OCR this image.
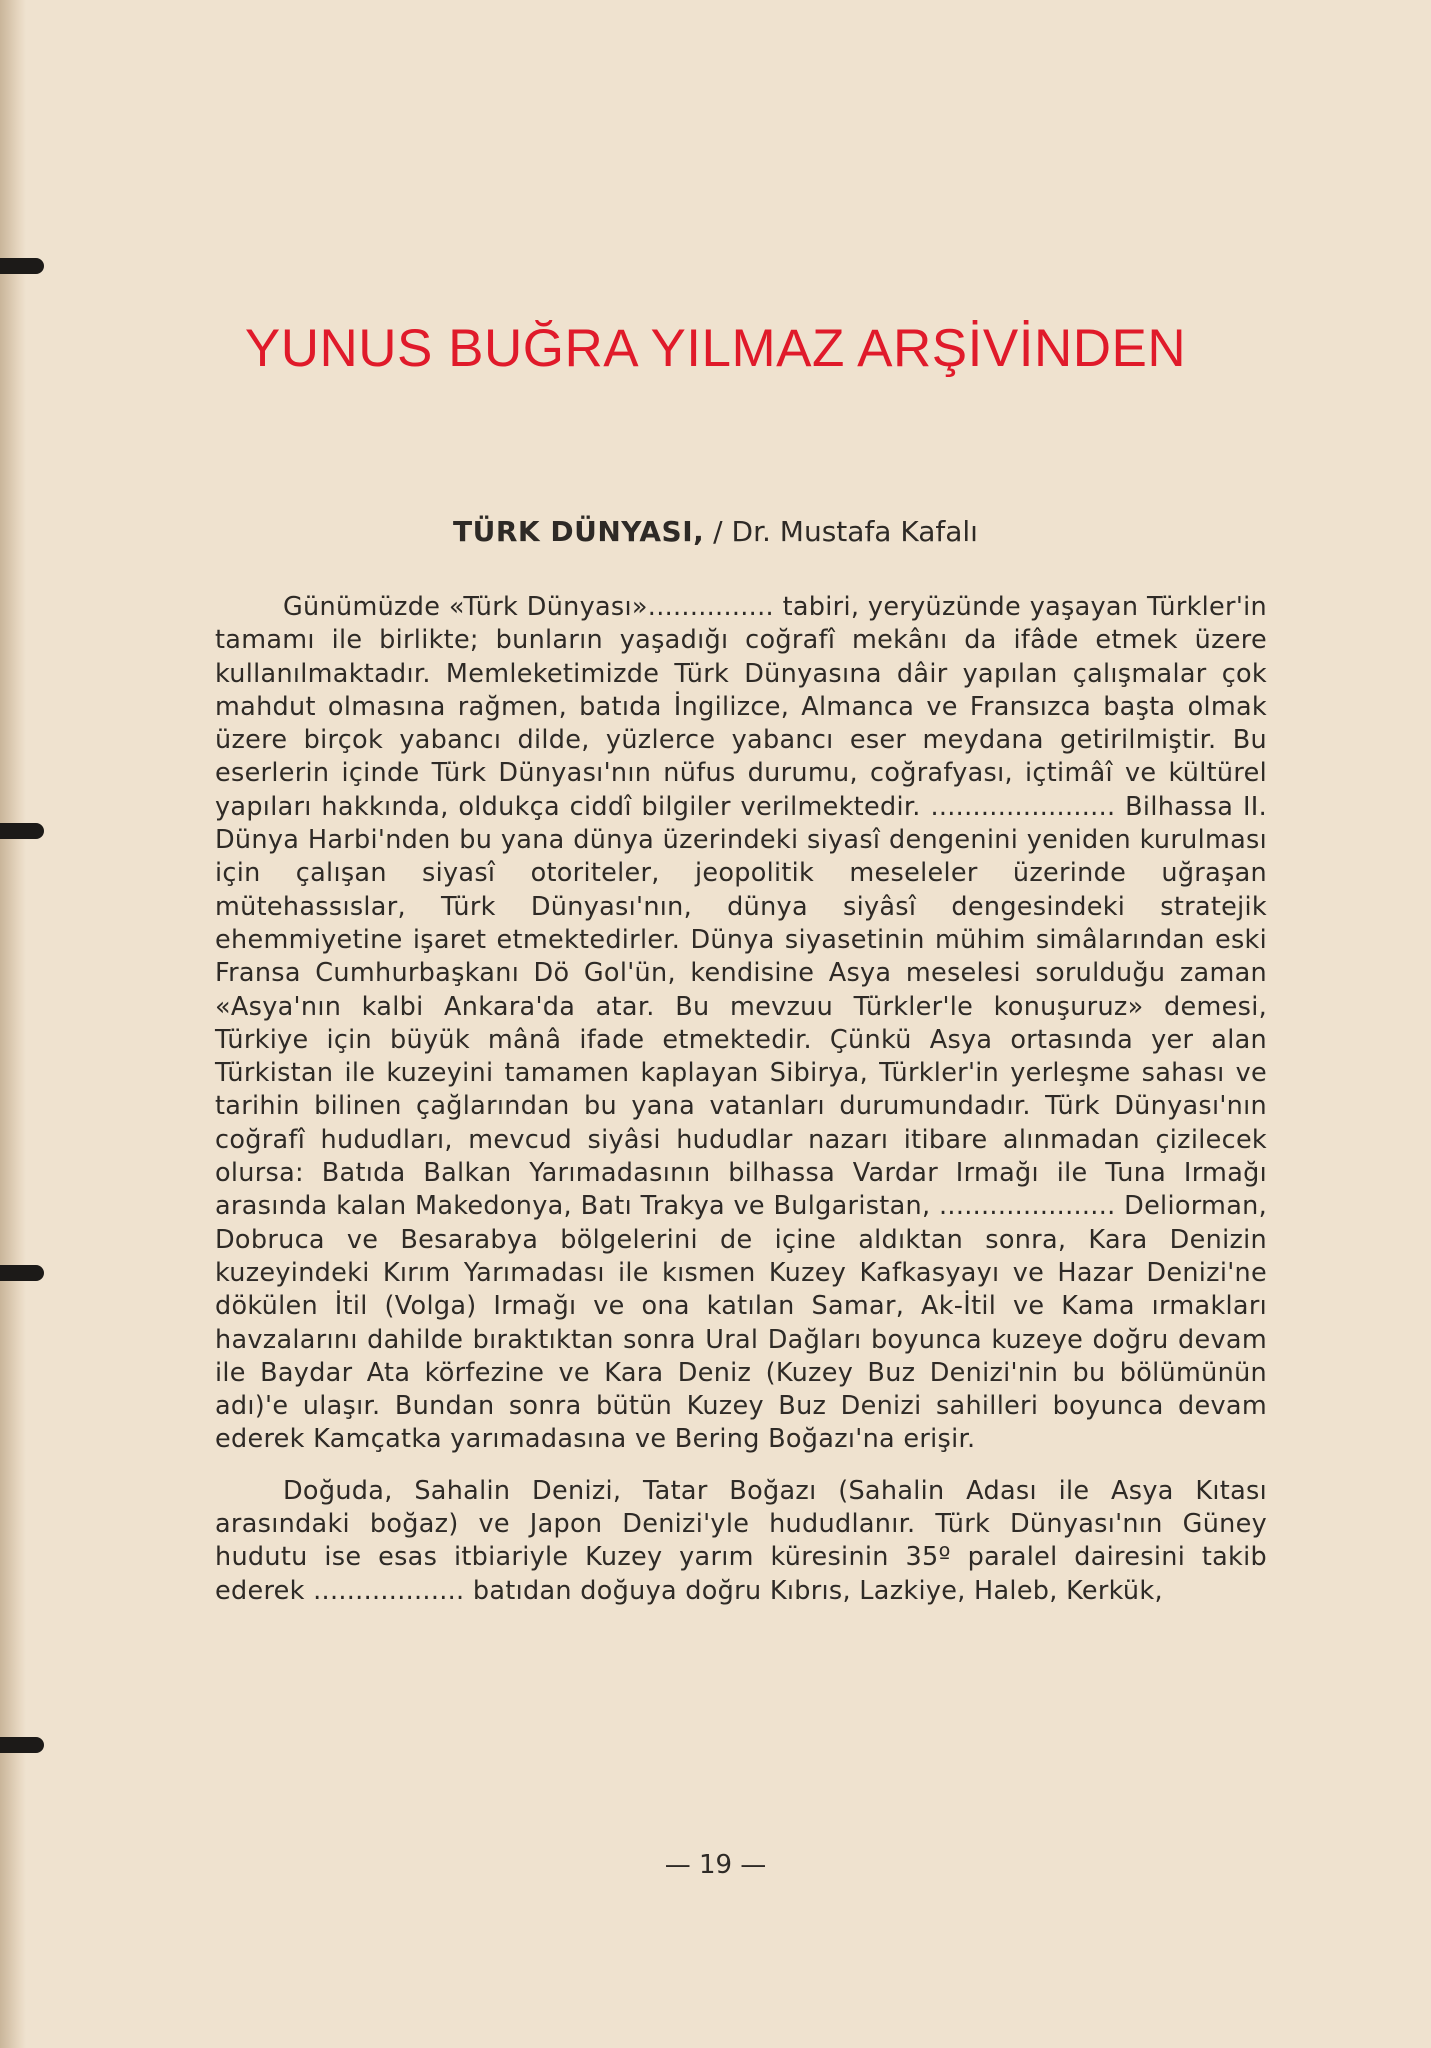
YUNUS BUĞRA YILMAZ ARŞİVİNDEN
TÜRK DÜNYASI, / Dr. Mustafa Kafalı

Günümüzde «Türk Dünyası»............... tabiri, yeryüzünde yaşayan Türkler'in tamamı ile birlikte; bunların yaşadığı coğrafî mekânı da ifâde etmek üzere kullanılmaktadır. Memleketimizde Türk Dünyasına dâir yapılan çalışmalar çok mahdut olmasına rağmen, batıda İngilizce, Almanca ve Fransızca başta olmak üzere birçok yabancı dilde, yüzlerce yabancı eser meydana getirilmiştir. Bu eserlerin içinde Türk Dünyası'nın nüfus durumu, coğrafyası, içtimâî ve kültürel yapıları hakkında, oldukça ciddî bilgiler verilmektedir. ...................... Bilhassa II. Dünya Harbi'nden bu yana dünya üzerindeki siyasî dengenini yeniden kurulması için çalışan siyasî otoriteler, jeopolitik meseleler üzerinde uğraşan mütehassıslar, Türk Dünyası'nın, dünya siyâsî dengesindeki stratejik ehemmiyetine işaret etmektedirler. Dünya siyasetinin mühim simâlarından eski Fransa Cumhurbaşkanı Dö Gol'ün, kendisine Asya meselesi sorulduğu zaman «Asya'nın kalbi Ankara'da atar. Bu mevzuu Türkler'le konuşuruz» demesi, Türkiye için büyük mânâ ifade etmektedir. Çünkü Asya ortasında yer alan Türkistan ile kuzeyini tamamen kaplayan Sibirya, Türkler'in yerleşme sahası ve tarihin bilinen çağlarından bu yana vatanları durumundadır. Türk Dünyası'nın coğrafî hududları, mevcud siyâsi hududlar nazarı itibare alınmadan çizilecek olursa: Batıda Balkan Yarımadasının bilhassa Vardar Irmağı ile Tuna Irmağı arasında kalan Makedonya, Batı Trakya ve Bulgaristan, ..................... Deliorman, Dobruca ve Besarabya bölgelerini de içine aldıktan sonra, Kara Denizin kuzeyindeki Kırım Yarımadası ile kısmen Kuzey Kafkasyayı ve Hazar Denizi'ne dökülen İtil (Volga) Irmağı ve ona katılan Samar, Ak-İtil ve Kama ırmakları havzalarını dahilde bıraktıktan sonra Ural Dağları boyunca kuzeye doğru devam ile Baydar Ata körfezine ve Kara Deniz (Kuzey Buz Denizi'nin bu bölümünün adı)'e ulaşır. Bundan sonra bütün Kuzey Buz Denizi sahilleri boyunca devam ederek Kamçatka yarımadasına ve Bering Boğazı'na erişir.

Doğuda, Sahalin Denizi, Tatar Boğazı (Sahalin Adası ile Asya Kıtası arasındaki boğaz) ve Japon Denizi'yle hududlanır. Türk Dünyası'nın Güney hudutu ise esas itbiariyle Kuzey yarım küresinin 35º paralel dairesini takib ederek .................. batıdan doğuya doğru Kıbrıs, Lazkiye, Haleb, Kerkük,

— 19 —
